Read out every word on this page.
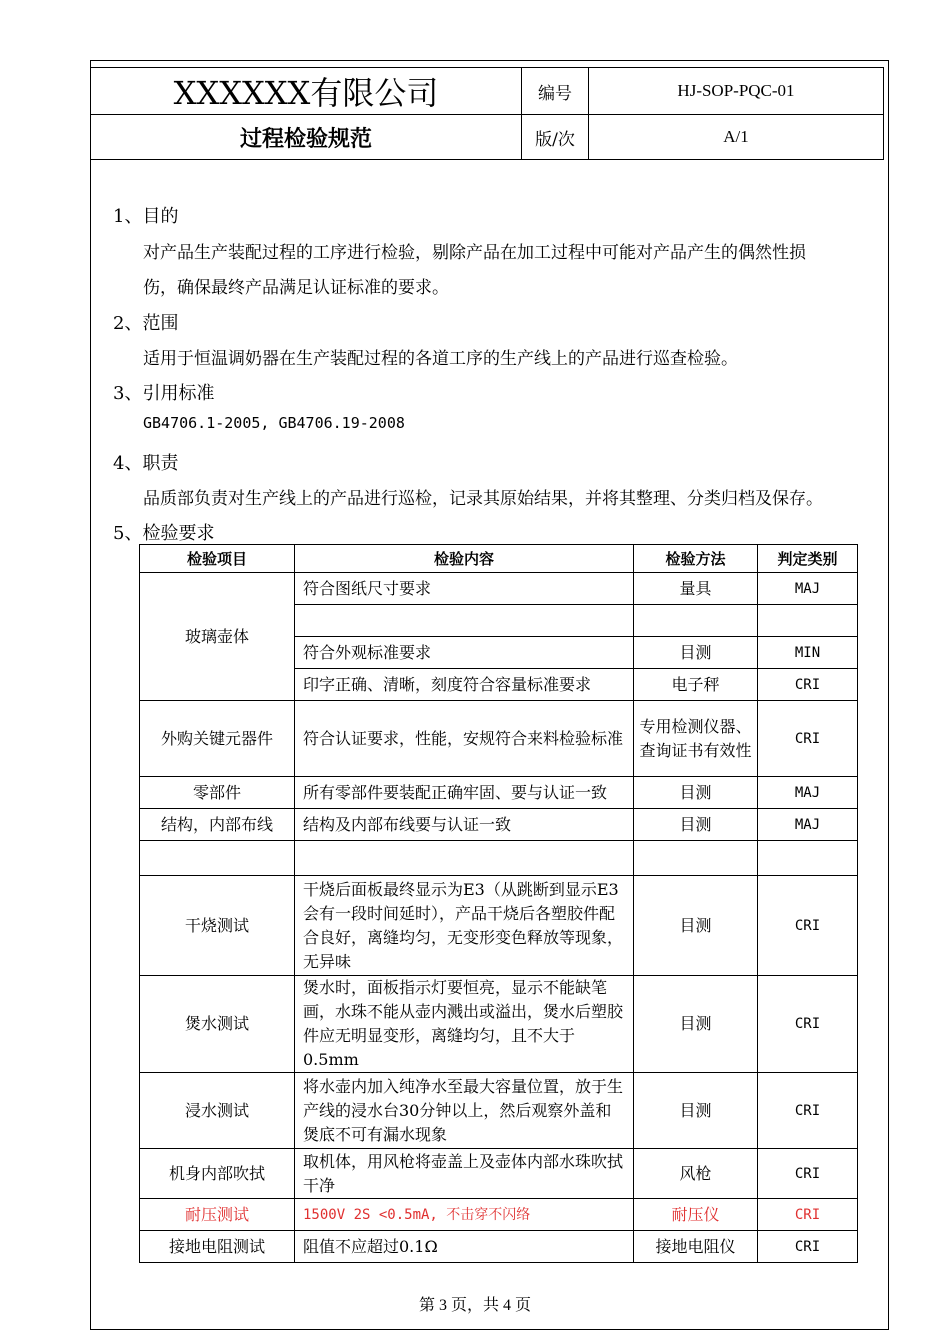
XXXXXX有限公司	编号	HJ-SOP-PQC-01
过程检验规范	版/次	A/1
1、目的
对产品生产装配过程的工序进行检验，剔除产品在加工过程中可能对产品产生的偶然性损
伤，确保最终产品满足认证标准的要求。
2、范围
适用于恒温调奶器在生产装配过程的各道工序的生产线上的产品进行巡查检验。
3、引用标准
GB4706.1-2005, GB4706.19-2008
4、职责
品质部负责对生产线上的产品进行巡检，记录其原始结果，并将其整理、分类归档及保存。
5、检验要求
检验项目	检验内容	检验方法	判定类别
玻璃壶体	符合图纸尺寸要求	量具	MAJ

	符合外观标准要求	目测	MIN
	印字正确、清晰，刻度符合容量标准要求	电子秤	CRI
外购关键元器件	符合认证要求，性能，安规符合来料检验标准	专用检测仪器、查询证书有效性	CRI
零部件	所有零部件要装配正确牢固、要与认证一致	目测	MAJ
结构，内部布线	结构及内部布线要与认证一致	目测	MAJ

干烧测试	干烧后面板最终显示为E3（从跳断到显示E3会有一段时间延时），产品干烧后各塑胶件配合良好，离缝均匀，无变形变色释放等现象，无异味	目测	CRI
煲水测试	煲水时，面板指示灯要恒亮，显示不能缺笔画，水珠不能从壶内溅出或溢出，煲水后塑胶件应无明显变形，离缝均匀，且不大于0.5mm	目测	CRI
浸水测试	将水壶内加入纯净水至最大容量位置，放于生产线的浸水台30分钟以上，然后观察外盖和煲底不可有漏水现象	目测	CRI
机身内部吹拭	取机体，用风枪将壶盖上及壶体内部水珠吹拭干净	风枪	CRI
耐压测试	1500V 2S <0.5mA, 不击穿不闪络	耐压仪	CRI
接地电阻测试	阻值不应超过0.1Ω	接地电阻仪	CRI
第 3 页，共 4 页
